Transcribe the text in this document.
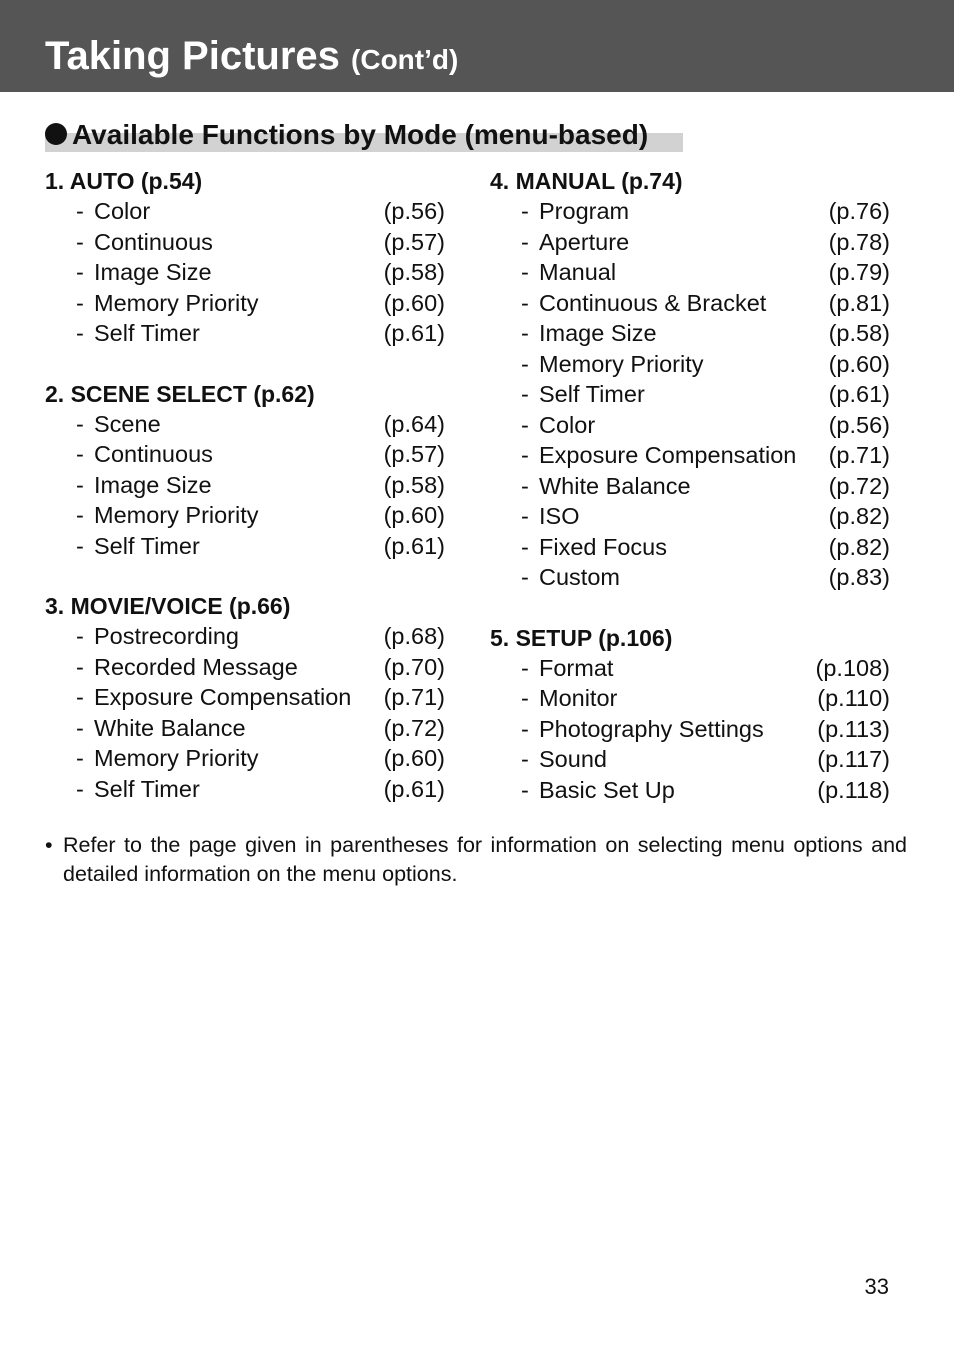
Taking Pictures (Cont’d)
Available Functions by Mode (menu-based)
1. AUTO (p.54)
- Color	(p.56)
- Continuous	(p.57)
- Image Size	(p.58)
- Memory Priority	(p.60)
- Self Timer	(p.61)
2. SCENE SELECT (p.62)
- Scene	(p.64)
- Continuous	(p.57)
- Image Size	(p.58)
- Memory Priority	(p.60)
- Self Timer	(p.61)
3. MOVIE/VOICE (p.66)
- Postrecording	(p.68)
- Recorded Message	(p.70)
- Exposure Compensation (p.71)
- White Balance	(p.72)
- Memory Priority	(p.60)
- Self Timer	(p.61)
4. MANUAL (p.74)
- Program	(p.76)
- Aperture	(p.78)
- Manual	(p.79)
- Continuous & Bracket	(p.81)
- Image Size	(p.58)
- Memory Priority	(p.60)
- Self Timer	(p.61)
- Color	(p.56)
- Exposure Compensation (p.71)
- White Balance	(p.72)
- ISO	(p.82)
- Fixed Focus	(p.82)
- Custom	(p.83)
5. SETUP (p.106)
- Format	(p.108)
- Monitor	(p.110)
- Photography Settings (p.113)
- Sound	(p.117)
- Basic Set Up	(p.118)
• Refer to the page given in parentheses for information on selecting menu options and detailed information on the menu options.
33
